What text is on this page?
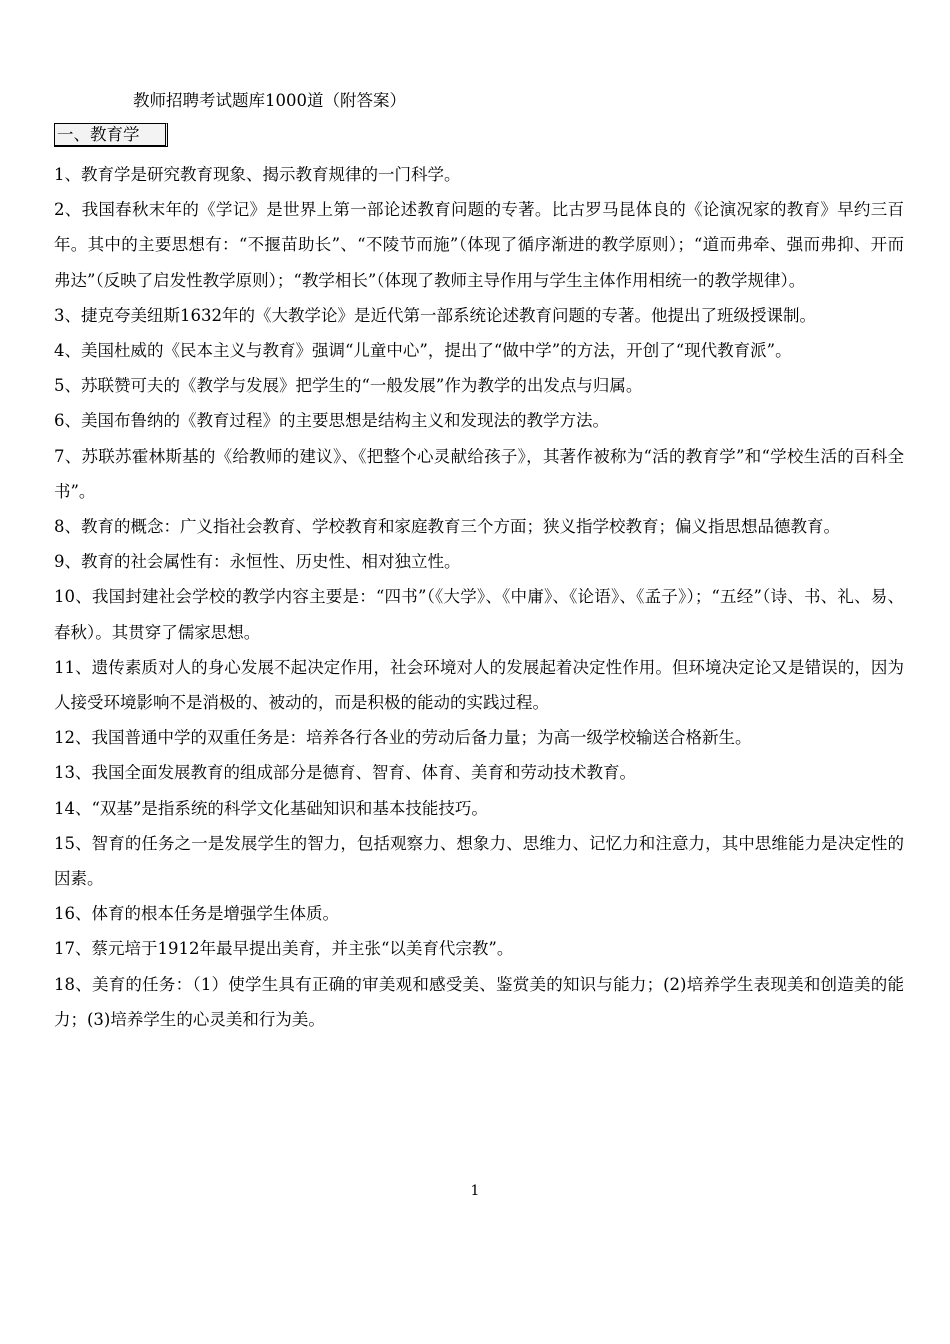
教师招聘考试题库1000道（附答案）
一、教育学

1、教育学是研究教育现象、揭示教育规律的一门科学。

2、我国春秋末年的《学记》是世界上第一部论述教育问题的专著。比古罗马昆体良的《论演况家的教育》早约三百年。其中的主要思想有：“不揠苗助长”、“不陵节而施”（体现了循序渐进的教学原则）；“道而弗牵、强而弗抑、开而弗达”（反映了启发性教学原则）；“教学相长”（体现了教师主导作用与学生主体作用相统一的教学规律）。

3、捷克夸美纽斯1632年的《大教学论》是近代第一部系统论述教育问题的专著。他提出了班级授课制。

4、美国杜威的《民本主义与教育》强调“儿童中心”，提出了“做中学”的方法，开创了“现代教育派”。

5、苏联赞可夫的《教学与发展》把学生的“一般发展”作为教学的出发点与归属。

6、美国布鲁纳的《教育过程》的主要思想是结构主义和发现法的教学方法。

7、苏联苏霍林斯基的《给教师的建议》、《把整个心灵献给孩子》，其著作被称为“活的教育学”和“学校生活的百科全书”。

8、教育的概念：广义指社会教育、学校教育和家庭教育三个方面；狭义指学校教育；偏义指思想品德教育。

9、教育的社会属性有：永恒性、历史性、相对独立性。

10、我国封建社会学校的教学内容主要是：“四书”（《大学》、《中庸》、《论语》、《孟子》）；“五经”（诗、书、礼、易、春秋）。其贯穿了儒家思想。

11、遗传素质对人的身心发展不起决定作用，社会环境对人的发展起着决定性作用。但环境决定论又是错误的，因为人接受环境影响不是消极的、被动的，而是积极的能动的实践过程。

12、我国普通中学的双重任务是：培养各行各业的劳动后备力量；为高一级学校输送合格新生。

13、我国全面发展教育的组成部分是德育、智育、体育、美育和劳动技术教育。

14、“双基”是指系统的科学文化基础知识和基本技能技巧。

15、智育的任务之一是发展学生的智力，包括观察力、想象力、思维力、记忆力和注意力，其中思维能力是决定性的因素。

16、体育的根本任务是增强学生体质。

17、蔡元培于1912年最早提出美育，并主张“以美育代宗教”。

18、美育的任务：（1）使学生具有正确的审美观和感受美、鉴赏美的知识与能力；(2)培养学生表现美和创造美的能力；(3)培养学生的心灵美和行为美。

1
